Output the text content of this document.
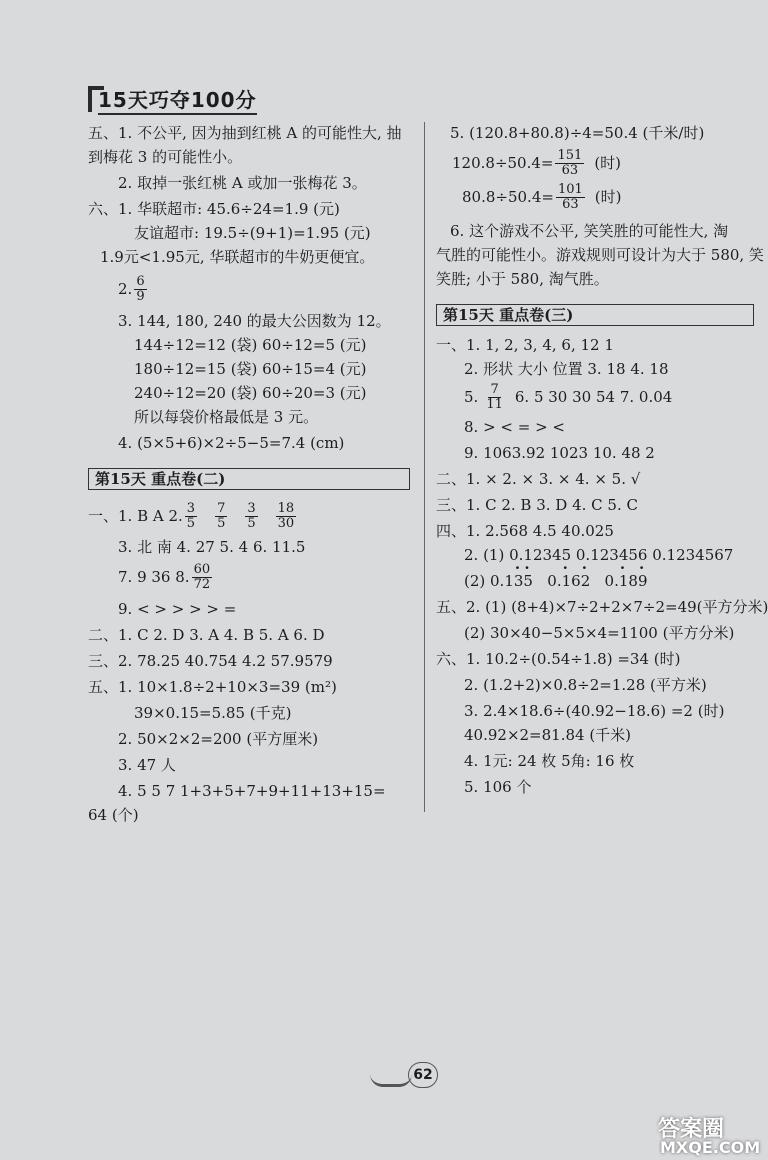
15天巧夺100分
五、1. 不公平, 因为抽到红桃 A 的可能性大, 抽
到梅花 3 的可能性小。
2. 取掉一张红桃 A 或加一张梅花 3。
六、1. 华联超市: 45.6÷24=1.9 (元)
友谊超市: 19.5÷(9+1)=1.95 (元)
1.9元<1.95元, 华联超市的牛奶更便宜。
2. $\frac{6}{9}$
3. 144, 180, 240 的最大公因数为 12。
144÷12=12 (袋) 60÷12=5 (元)
180÷12=15 (袋) 60÷15=4 (元)
240÷12=20 (袋) 60÷20=3 (元)
所以每袋价格最低是 3 元。
4. (5×5+6)×2÷5−5=7.4 (cm)
第15天 重点卷(二)
一、1. B A 2. $\frac{3}{5} \frac{7}{5} \frac{3}{5} \frac{18}{30}$
3. 北 南 4. 27 5. 4 6. 11.5
7. 9 36 8. $\frac{60}{72}$
9. < > > > > =
二、1. C 2. D 3. A 4. B 5. A 6. D
三、2. 78.25 40.754 4.2 57.9579
五、1. 10×1.8÷2+10×3=39 (m²)
39×0.15=5.85 (千克)
2. 50×2×2=200 (平方厘米)
3. 47 人
4. 5 5 7 1+3+5+7+9+11+13+15=
64 (个)
5. (120.8+80.8)÷4=50.4 (千米/时)
$120.8\div 50.4= \frac{151}{63}$ (时)
$80.8\div 50.4= \frac{101}{63}$ (时)
6. 这个游戏不公平, 笑笑胜的可能性大, 淘
气胜的可能性小。游戏规则可设计为大于 580, 笑
笑胜; 小于 580, 淘气胜。
第15天 重点卷(三)
一、1. 1, 2, 3, 4, 6, 12 1
2. 形状 大小 位置 3. 18 4. 18
5. $\frac{7}{11} 6$. 5 30 30 54 7. 0.04
8. > < = > <
9. 1063.92 1023 10. 48 2
二、1. × 2. × 3. × 4. × 5. √
三、1. C 2. B 3. D 4. C 5. C
四、1. 2.568 4.5 40.025
2. (1) 0.12345 0.123456 0.1234567
(2) 0.1· 3· 5   0.· 16· 2   0.· 18· 9
五、2. (1) (8+4)×7÷2+2×7÷2=49(平方分米)
(2) 30×40−5×5×4=1100 (平方分米)
六、1. 10.2÷(0.54÷1.8) =34 (时)
2. (1.2+2)×0.8÷2=1.28 (平方米)
3. 2.4×18.6÷(40.92−18.6) =2 (时)
40.92×2=81.84 (千米)
4. 1元: 24 枚 5角: 16 枚
5. 106 个
62
答案圈
MXQE.COM
